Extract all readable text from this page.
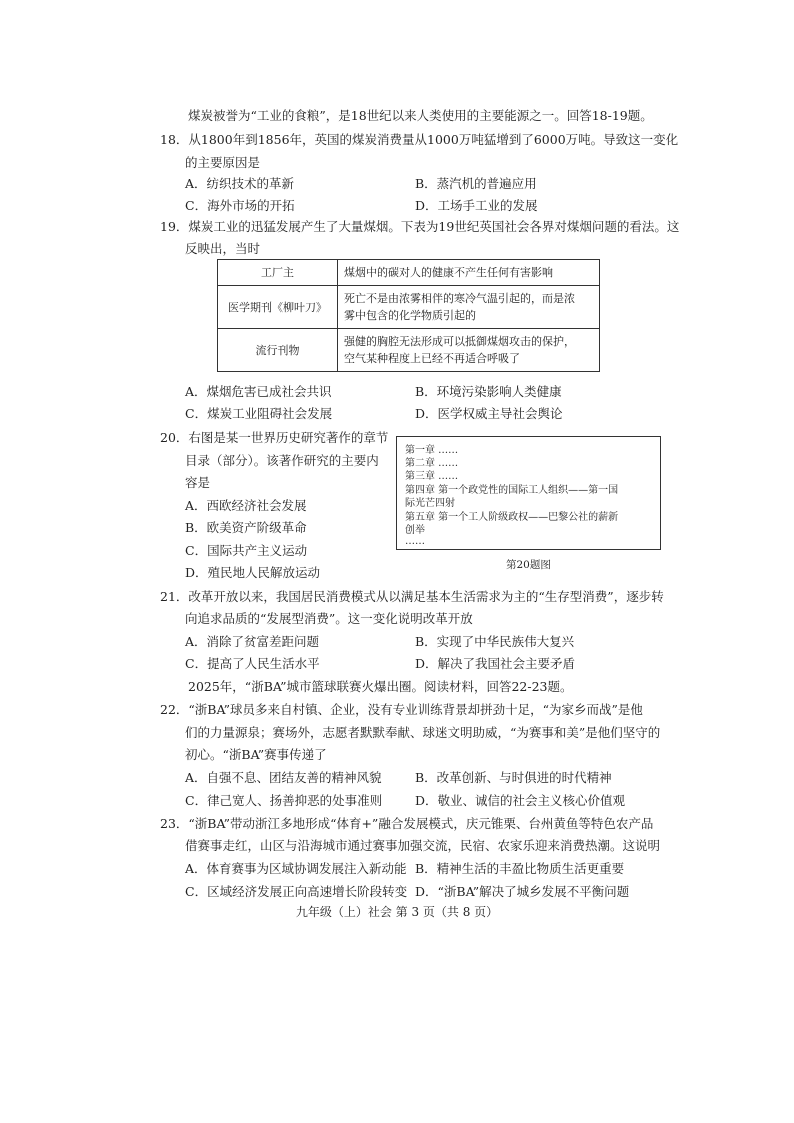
煤炭被誉为“工业的食粮”，是18世纪以来人类使用的主要能源之一。回答18-19题。
18．从1800年到1856年，英国的煤炭消费量从1000万吨猛增到了6000万吨。导致这一变化
的主要原因是
A．纺织技术的革新	B．蒸汽机的普遍应用
C．海外市场的开拓	D．工场手工业的发展
19．煤炭工业的迅猛发展产生了大量煤烟。下表为19世纪英国社会各界对煤烟问题的看法。这
反映出，当时
工厂主	煤烟中的碳对人的健康不产生任何有害影响
医学期刊《柳叶刀》	死亡不是由浓雾相伴的寒冷气温引起的，而是浓
雾中包含的化学物质引起的
流行刊物	强健的胸腔无法形成可以抵御煤烟攻击的保护，
空气某种程度上已经不再适合呼吸了
A．煤烟危害已成社会共识	B．环境污染影响人类健康
C．煤炭工业阻碍社会发展	D．医学权威主导社会舆论
20．右图是某一世界历史研究著作的章节
目录（部分）。该著作研究的主要内
容是
A．西欧经济社会发展
B．欧美资产阶级革命
C．国际共产主义运动
D．殖民地人民解放运动
第一章 ……
第二章 ……
第三章 ……
第四章 第一个政党性的国际工人组织——第一国
际光芒四射
第五章 第一个工人阶级政权——巴黎公社的薪新
创举
……
第20题图
21．改革开放以来，我国居民消费模式从以满足基本生活需求为主的“生存型消费”，逐步转
向追求品质的“发展型消费”。这一变化说明改革开放
A．消除了贫富差距问题	B．实现了中华民族伟大复兴
C．提高了人民生活水平	D．解决了我国社会主要矛盾
2025年，“浙BA”城市篮球联赛火爆出圈。阅读材料，回答22-23题。
22．“浙BA”球员多来自村镇、企业，没有专业训练背景却拼劲十足，“为家乡而战”是他
们的力量源泉；赛场外，志愿者默默奉献、球迷文明助威，“为赛事和美”是他们坚守的
初心。“浙BA”赛事传递了
A．自强不息、团结友善的精神风貌	B．改革创新、与时俱进的时代精神
C．律己宽人、扬善抑恶的处事准则	D．敬业、诚信的社会主义核心价值观
23．“浙BA”带动浙江多地形成“体育+”融合发展模式，庆元锥栗、台州黄鱼等特色农产品
借赛事走红，山区与沿海城市通过赛事加强交流，民宿、农家乐迎来消费热潮。这说明
A．体育赛事为区域协调发展注入新动能 B．精神生活的丰盈比物质生活更重要
C．区域经济发展正向高速增长阶段转变 D．“浙BA”解决了城乡发展不平衡问题
九年级（上）社会 第 3 页（共 8 页）
